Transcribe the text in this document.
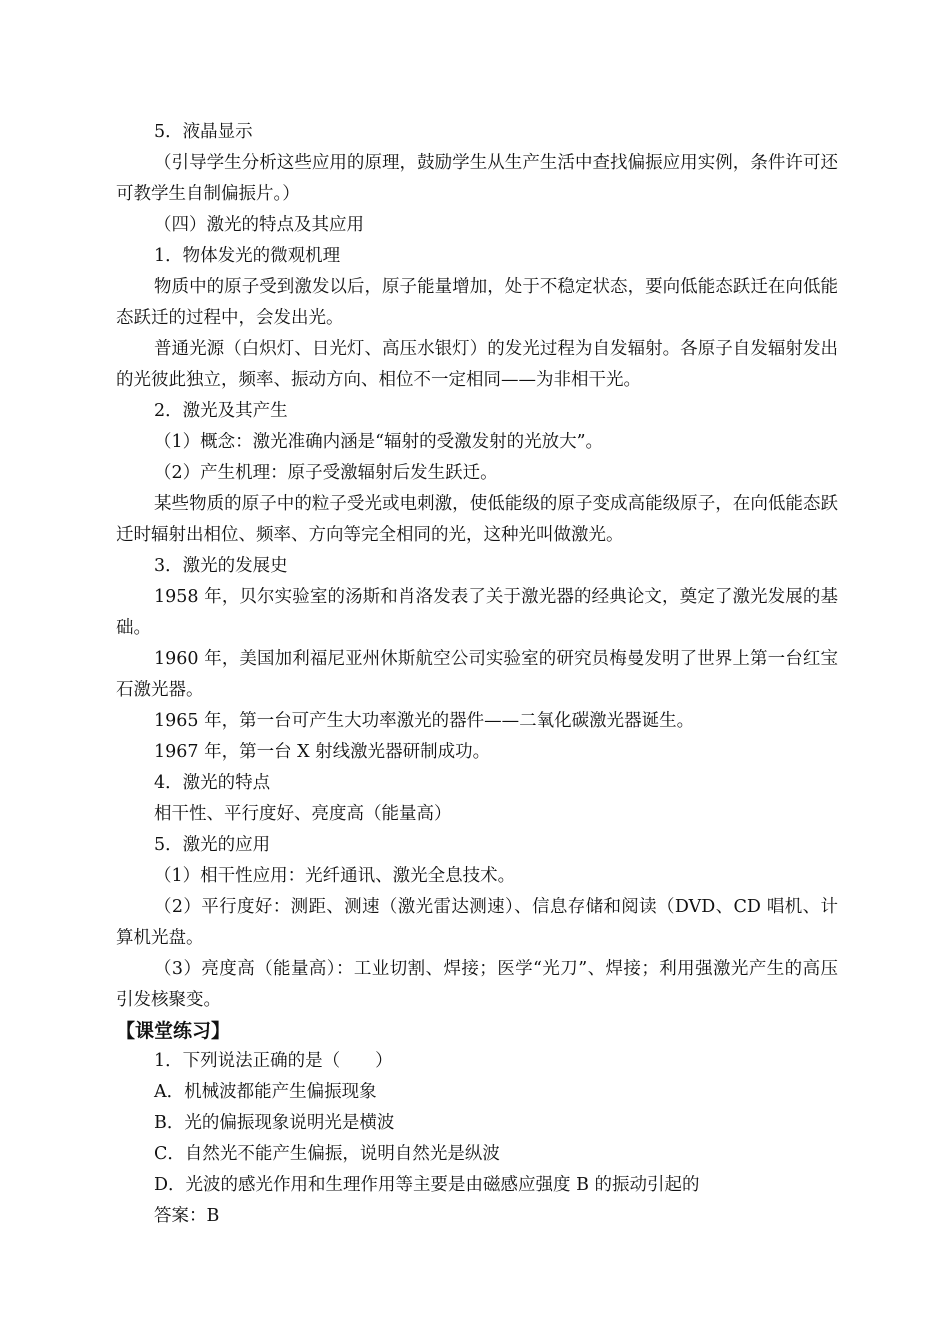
5．液晶显示

（引导学生分析这些应用的原理，鼓励学生从生产生活中查找偏振应用实例，条件许可还可教学生自制偏振片。）

（四）激光的特点及其应用

1．物体发光的微观机理

物质中的原子受到激发以后，原子能量增加，处于不稳定状态，要向低能态跃迁在向低能态跃迁的过程中，会发出光。

普通光源（白炽灯、日光灯、高压水银灯）的发光过程为自发辐射。各原子自发辐射发出的光彼此独立，频率、振动方向、相位不一定相同——为非相干光。

2．激光及其产生

（1）概念：激光准确内涵是“辐射的受激发射的光放大”。

（2）产生机理：原子受激辐射后发生跃迁。

某些物质的原子中的粒子受光或电刺激，使低能级的原子变成高能级原子，在向低能态跃迁时辐射出相位、频率、方向等完全相同的光，这种光叫做激光。

3．激光的发展史

1958 年，贝尔实验室的汤斯和肖洛发表了关于激光器的经典论文，奠定了激光发展的基础。

1960 年，美国加利福尼亚州休斯航空公司实验室的研究员梅曼发明了世界上第一台红宝石激光器。

1965 年，第一台可产生大功率激光的器件——二氧化碳激光器诞生。

1967 年，第一台 X 射线激光器研制成功。

4．激光的特点

相干性、平行度好、亮度高（能量高）

5．激光的应用

（1）相干性应用：光纤通讯、激光全息技术。

（2）平行度好：测距、测速（激光雷达测速）、信息存储和阅读（DVD、CD 唱机、计算机光盘。

（3）亮度高（能量高）：工业切割、焊接；医学“光刀”、焊接；利用强激光产生的高压引发核聚变。

【课堂练习】

1．下列说法正确的是（　　）

A．机械波都能产生偏振现象

B．光的偏振现象说明光是横波

C．自然光不能产生偏振，说明自然光是纵波

D．光波的感光作用和生理作用等主要是由磁感应强度 B 的振动引起的

答案：B
